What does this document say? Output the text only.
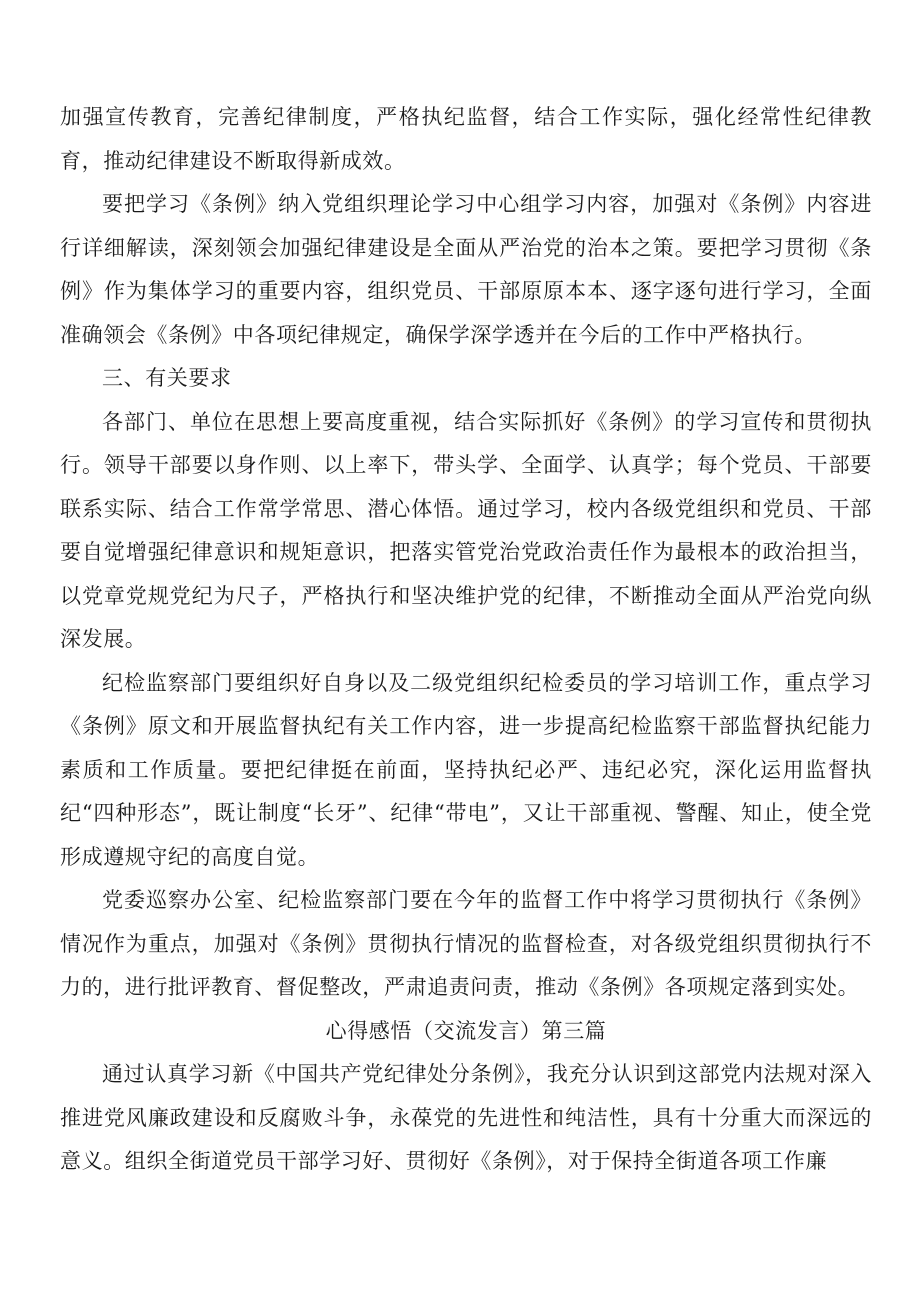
加强宣传教育，完善纪律制度，严格执纪监督，结合工作实际，强化经常性纪律教育，推动纪律建设不断取得新成效。

要把学习《条例》纳入党组织理论学习中心组学习内容，加强对《条例》内容进行详细解读，深刻领会加强纪律建设是全面从严治党的治本之策。要把学习贯彻《条例》作为集体学习的重要内容，组织党员、干部原原本本、逐字逐句进行学习，全面准确领会《条例》中各项纪律规定，确保学深学透并在今后的工作中严格执行。

三、有关要求

各部门、单位在思想上要高度重视，结合实际抓好《条例》的学习宣传和贯彻执行。领导干部要以身作则、以上率下，带头学、全面学、认真学；每个党员、干部要联系实际、结合工作常学常思、潜心体悟。通过学习，校内各级党组织和党员、干部要自觉增强纪律意识和规矩意识，把落实管党治党政治责任作为最根本的政治担当，以党章党规党纪为尺子，严格执行和坚决维护党的纪律，不断推动全面从严治党向纵深发展。

纪检监察部门要组织好自身以及二级党组织纪检委员的学习培训工作，重点学习《条例》原文和开展监督执纪有关工作内容，进一步提高纪检监察干部监督执纪能力素质和工作质量。要把纪律挺在前面，坚持执纪必严、违纪必究，深化运用监督执纪“四种形态”，既让制度“长牙”、纪律“带电”，又让干部重视、警醒、知止，使全党形成遵规守纪的高度自觉。

党委巡察办公室、纪检监察部门要在今年的监督工作中将学习贯彻执行《条例》情况作为重点，加强对《条例》贯彻执行情况的监督检查，对各级党组织贯彻执行不力的，进行批评教育、督促整改，严肃追责问责，推动《条例》各项规定落到实处。

心得感悟（交流发言）第三篇

通过认真学习新《中国共产党纪律处分条例》，我充分认识到这部党内法规对深入推进党风廉政建设和反腐败斗争，永葆党的先进性和纯洁性，具有十分重大而深远的意义。组织全街道党员干部学习好、贯彻好《条例》，对于保持全街道各项工作廉
